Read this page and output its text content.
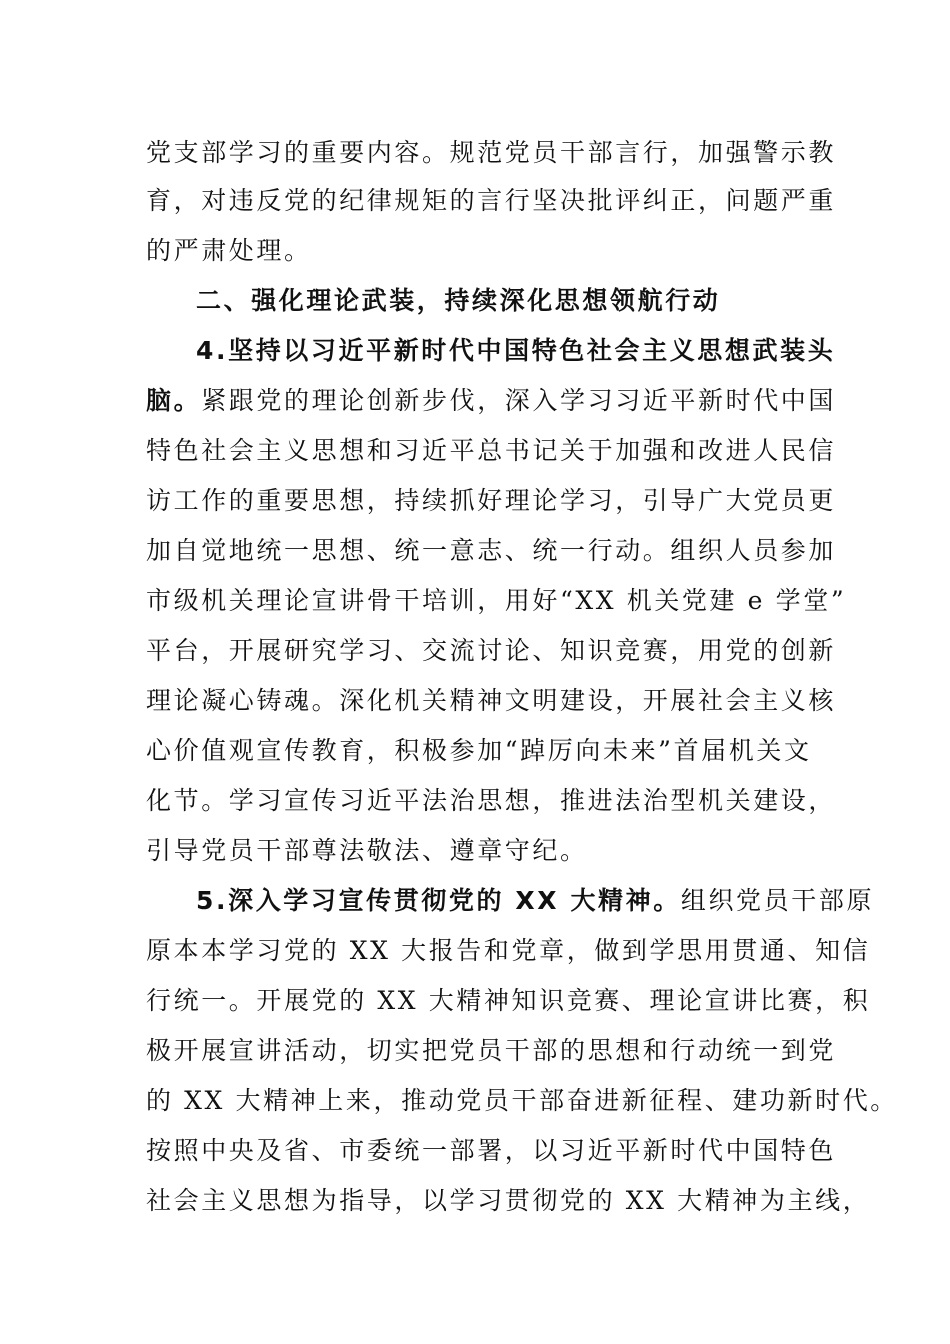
党支部学习的重要内容。规范党员干部言行，加强警示教
育，对违反党的纪律规矩的言行坚决批评纠正，问题严重
的严肃处理。
二、强化理论武装，持续深化思想领航行动
4.坚持以习近平新时代中国特色社会主义思想武装头
脑。紧跟党的理论创新步伐，深入学习习近平新时代中国
特色社会主义思想和习近平总书记关于加强和改进人民信
访工作的重要思想，持续抓好理论学习，引导广大党员更
加自觉地统一思想、统一意志、统一行动。组织人员参加
市级机关理论宣讲骨干培训，用好“XX 机关党建 e 学堂”
平台，开展研究学习、交流讨论、知识竞赛，用党的创新
理论凝心铸魂。深化机关精神文明建设，开展社会主义核
心价值观宣传教育，积极参加“踔厉向未来”首届机关文
化节。学习宣传习近平法治思想，推进法治型机关建设，
引导党员干部尊法敬法、遵章守纪。
5.深入学习宣传贯彻党的 XX 大精神。组织党员干部原
原本本学习党的 XX 大报告和党章，做到学思用贯通、知信
行统一。开展党的 XX 大精神知识竞赛、理论宣讲比赛，积
极开展宣讲活动，切实把党员干部的思想和行动统一到党
的 XX 大精神上来，推动党员干部奋进新征程、建功新时代。
按照中央及省、市委统一部署，以习近平新时代中国特色
社会主义思想为指导，以学习贯彻党的 XX 大精神为主线，
